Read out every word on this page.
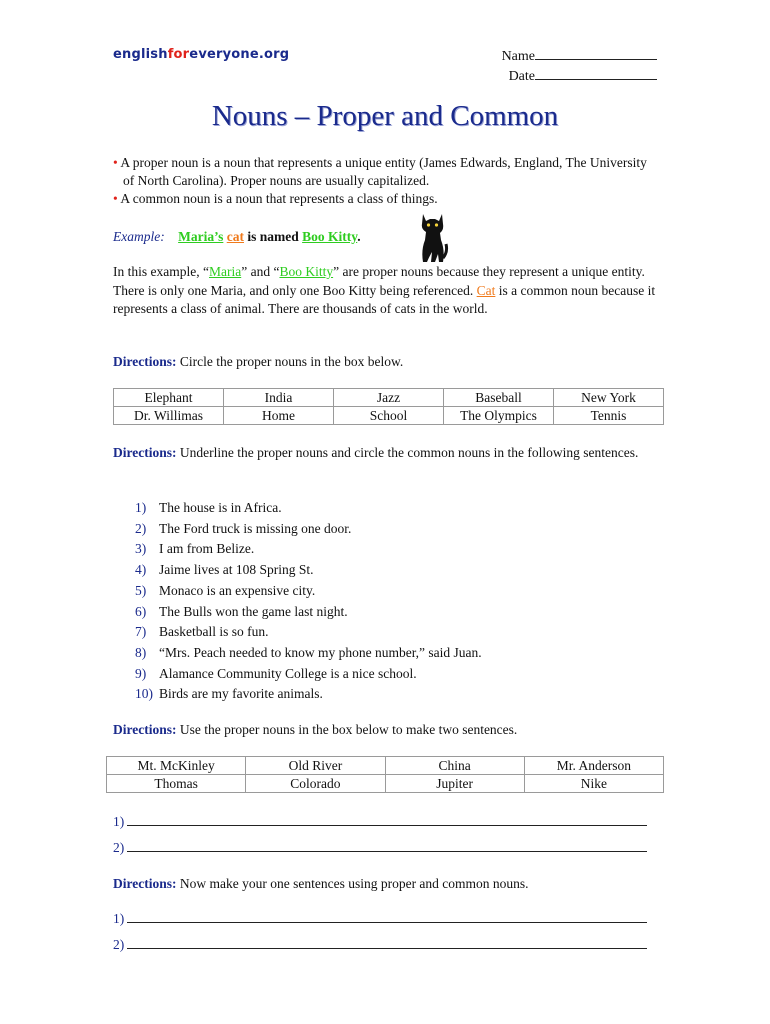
englishforeveryone.org	Name
Date
Nouns – Proper and Common
• A proper noun is a noun that represents a unique entity (James Edwards, England, The University of North Carolina). Proper nouns are usually capitalized.
• A common noun is a noun that represents a class of things.
Example: Maria’s cat is named Boo Kitty.
In this example, “Maria” and “Boo Kitty” are proper nouns because they represent a unique entity. There is only one Maria, and only one Boo Kitty being referenced. Cat is a common noun because it represents a class of animal. There are thousands of cats in the world.
Directions: Circle the proper nouns in the box below.
Elephant	India	Jazz	Baseball	New York
Dr. Willimas	Home	School	The Olympics	Tennis
Directions: Underline the proper nouns and circle the common nouns in the following sentences.
1) The house is in Africa.
2) The Ford truck is missing one door.
3) I am from Belize.
4) Jaime lives at 108 Spring St.
5) Monaco is an expensive city.
6) The Bulls won the game last night.
7) Basketball is so fun.
8) “Mrs. Peach needed to know my phone number,” said Juan.
9) Alamance Community College is a nice school.
10) Birds are my favorite animals.
Directions: Use the proper nouns in the box below to make two sentences.
Mt. McKinley	Old River	China	Mr. Anderson
Thomas	Colorado	Jupiter	Nike
1)
2)
Directions: Now make your one sentences using proper and common nouns.
1)
2)
